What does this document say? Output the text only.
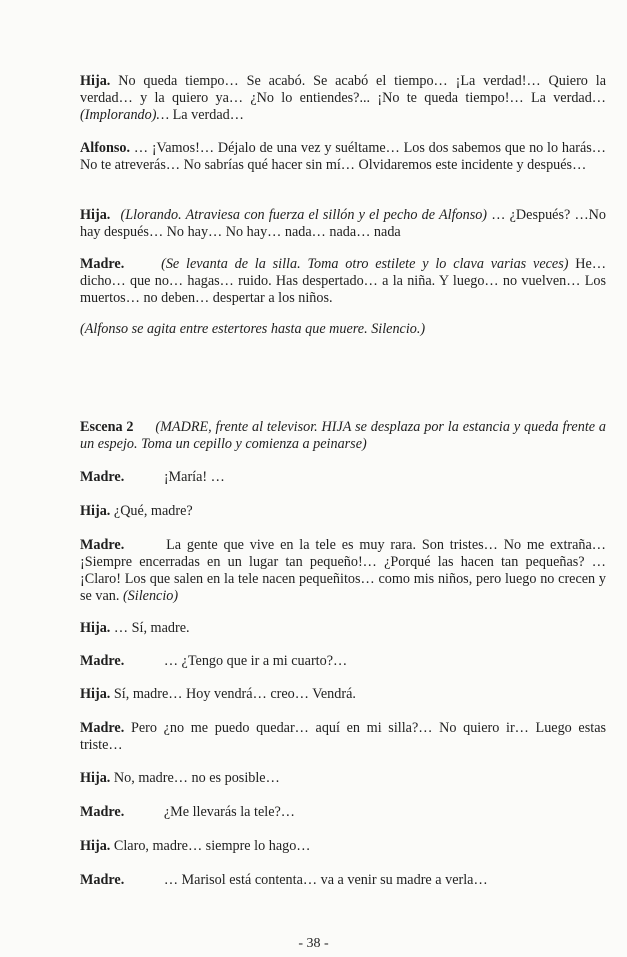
Hija. No queda tiempo… Se acabó. Se acabó el tiempo… ¡La verdad!… Quiero la verdad… y la quiero ya… ¿No lo entiendes?... ¡No te queda tiempo!… La verdad… (Implorando)… La verdad…
Alfonso. … ¡Vamos!… Déjalo de una vez y suéltame… Los dos sabemos que no lo harás… No te atreverás… No sabrías qué hacer sin mí… Olvidaremos este incidente y después…
Hija. (Llorando. Atraviesa con fuerza el sillón y el pecho de Alfonso) … ¿Después? …No hay después… No hay… No hay… nada… nada… nada
Madre.	(Se levanta de la silla. Toma otro estilete y lo clava varias veces) He… dicho… que no… hagas… ruido. Has despertado… a la niña. Y luego… no vuelven… Los muertos… no deben… despertar a los niños.
(Alfonso se agita entre estertores hasta que muere. Silencio.)
Escena 2 (MADRE, frente al televisor. HIJA se desplaza por la estancia y queda frente a un espejo. Toma un cepillo y comienza a peinarse)
Madre.	¡María! …
Hija. ¿Qué, madre?
Madre.	La gente que vive en la tele es muy rara. Son tristes… No me extraña… ¡Siempre encerradas en un lugar tan pequeño!… ¿Porqué las hacen tan pequeñas? … ¡Claro! Los que salen en la tele nacen pequeñitos… como mis niños, pero luego no crecen y se van. (Silencio)
Hija. … Sí, madre.
Madre.	… ¿Tengo que ir a mi cuarto?…
Hija. Sí, madre… Hoy vendrá… creo… Vendrá.
Madre. Pero ¿no me puedo quedar… aquí en mi silla?… No quiero ir… Luego estas triste…
Hija. No, madre… no es posible…
Madre.	¿Me llevarás la tele?…
Hija. Claro, madre… siempre lo hago…
Madre.	… Marisol está contenta… va a venir su madre a verla…
- 38 -
